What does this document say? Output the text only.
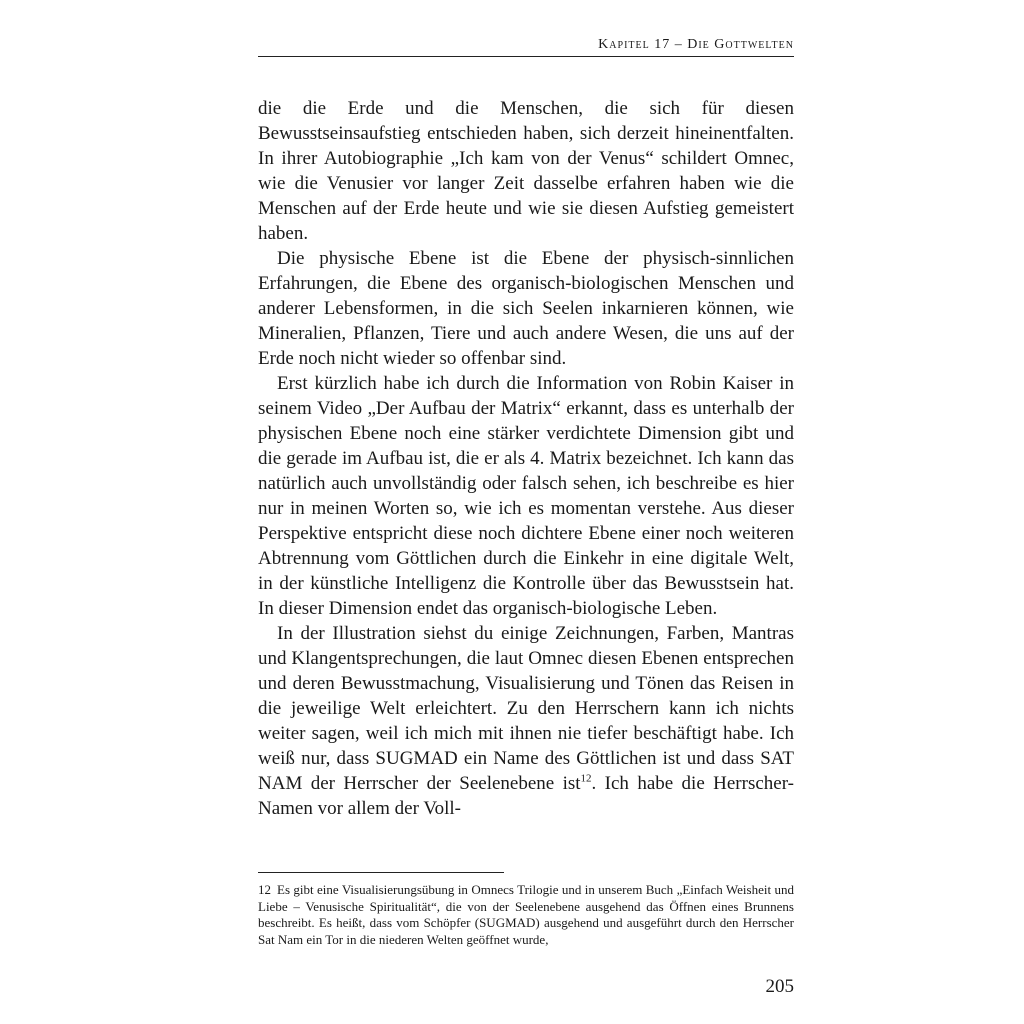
Kapitel 17 – Die Gottwelten

die die Erde und die Menschen, die sich für diesen Bewusstseinsaufstieg entschieden haben, sich derzeit hineinentfalten. In ihrer Autobiographie „Ich kam von der Venus“ schildert Omnec, wie die Venusier vor langer Zeit dasselbe erfahren haben wie die Menschen auf der Erde heute und wie sie diesen Aufstieg gemeistert haben.

Die physische Ebene ist die Ebene der physisch-sinnlichen Erfahrungen, die Ebene des organisch-biologischen Menschen und anderer Lebensformen, in die sich Seelen inkarnieren können, wie Mineralien, Pflanzen, Tiere und auch andere Wesen, die uns auf der Erde noch nicht wieder so offenbar sind.

Erst kürzlich habe ich durch die Information von Robin Kaiser in seinem Video „Der Aufbau der Matrix“ erkannt, dass es unterhalb der physischen Ebene noch eine stärker verdichtete Dimension gibt und die gerade im Aufbau ist, die er als 4. Matrix bezeichnet. Ich kann das natürlich auch unvollständig oder falsch sehen, ich beschreibe es hier nur in meinen Worten so, wie ich es momentan verstehe. Aus dieser Perspektive entspricht diese noch dichtere Ebene einer noch weiteren Abtrennung vom Göttlichen durch die Einkehr in eine digitale Welt, in der künstliche Intelligenz die Kontrolle über das Bewusstsein hat. In dieser Dimension endet das organisch-biologische Leben.

In der Illustration siehst du einige Zeichnungen, Farben, Mantras und Klangentsprechungen, die laut Omnec diesen Ebenen entsprechen und deren Bewusstmachung, Visualisierung und Tönen das Reisen in die jeweilige Welt erleichtert. Zu den Herrschern kann ich nichts weiter sagen, weil ich mich mit ihnen nie tiefer beschäftigt habe. Ich weiß nur, dass SUGMAD ein Name des Göttlichen ist und dass SAT NAM der Herrscher der Seelenebene ist$^{12}$. Ich habe die Herrscher-Namen vor allem der Voll-

12 Es gibt eine Visualisierungsübung in Omnecs Trilogie und in unserem Buch „Einfach Weisheit und Liebe – Venusische Spiritualität“, die von der Seelenebene ausgehend das Öffnen eines Brunnens beschreibt. Es heißt, dass vom Schöpfer (SUGMAD) ausgehend und ausgeführt durch den Herrscher Sat Nam ein Tor in die niederen Welten geöffnet wurde,

205
